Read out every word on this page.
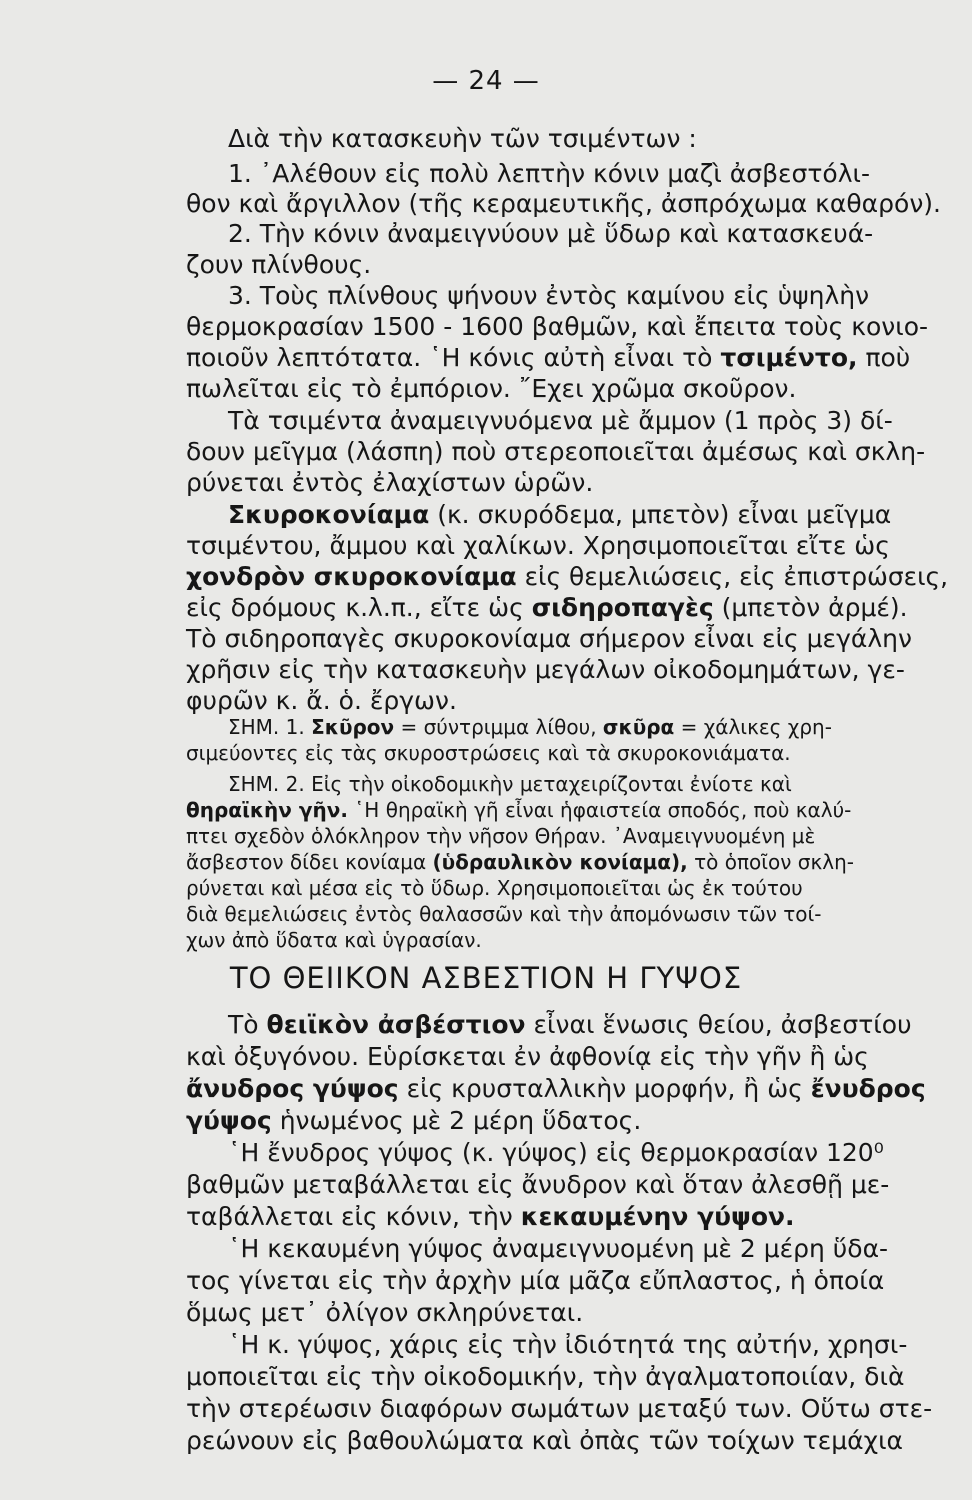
— 24 —
Διὰ τὴν κατασκευὴν τῶν τσιμέντων :
1. ᾿Αλέθουν εἰς πολὺ λεπτὴν κόνιν μαζὶ ἀσβεστόλι-
θον καὶ ἄργιλλον (τῆς κεραμευτικῆς, ἀσπρόχωμα καθαρόν).
2. Τὴν κόνιν ἀναμειγνύουν μὲ ὕδωρ καὶ κατασκευά-
ζουν πλίνθους.
3. Τοὺς πλίνθους ψήνουν ἐντὸς καμίνου εἰς ὑψηλὴν
θερμοκρασίαν 1500 - 1600 βαθμῶν, καὶ ἔπειτα τοὺς κονιο-
ποιοῦν λεπτότατα. ῾Η κόνις αὐτὴ εἶναι τὸ τσιμέντο, ποὺ
πωλεῖται εἰς τὸ ἐμπόριον. ῎Εχει χρῶμα σκοῦρον.
Τὰ τσιμέντα ἀναμειγνυόμενα μὲ ἄμμον (1 πρὸς 3) δί-
δουν μεῖγμα (λάσπη) ποὺ στερεοποιεῖται ἀμέσως καὶ σκλη-
ρύνεται ἐντὸς ἐλαχίστων ὡρῶν.
Σκυροκονίαμα (κ. σκυρόδεμα, μπετὸν) εἶναι μεῖγμα
τσιμέντου, ἄμμου καὶ χαλίκων. Χρησιμοποιεῖται εἴτε ὡς
χονδρὸν σκυροκονίαμα εἰς θεμελιώσεις, εἰς ἐπιστρώσεις,
εἰς δρόμους κ.λ.π., εἴτε ὡς σιδηροπαγὲς (μπετὸν ἀρμέ).
Τὸ σιδηροπαγὲς σκυροκονίαμα σήμερον εἶναι εἰς μεγάλην
χρῆσιν εἰς τὴν κατασκευὴν μεγάλων οἰκοδομημάτων, γε-
φυρῶν κ. ἄ. ὁ. ἔργων.
ΣΗΜ. 1. Σκῦρον = σύντριμμα λίθου, σκῦρα = χάλικες χρη-
σιμεύοντες εἰς τὰς σκυροστρώσεις καὶ τὰ σκυροκονιάματα.
ΣΗΜ. 2. Εἰς τὴν οἰκοδομικὴν μεταχειρίζονται ἐνίοτε καὶ
θηραϊκὴν γῆν. ῾Η θηραϊκὴ γῆ εἶναι ἡφαιστεία σποδός, ποὺ καλύ-
πτει σχεδὸν ὁλόκληρον τὴν νῆσον Θήραν. ᾿Αναμειγνυομένη μὲ
ἄσβεστον δίδει κονίαμα (ὑδραυλικὸν κονίαμα), τὸ ὁποῖον σκλη-
ρύνεται καὶ μέσα εἰς τὸ ὕδωρ. Χρησιμοποιεῖται ὡς ἐκ τούτου
διὰ θεμελιώσεις ἐντὸς θαλασσῶν καὶ τὴν ἀπομόνωσιν τῶν τοί-
χων ἀπὸ ὕδατα καὶ ὑγρασίαν.
ΤΟ ΘΕΙΙΚΟΝ ΑΣΒΕΣΤΙΟΝ Η ΓΥΨΟΣ
Τὸ θειϊκὸν ἀσβέστιον εἶναι ἕνωσις θείου, ἀσβεστίου
καὶ ὀξυγόνου. Εὑρίσκεται ἐν ἀφθονίᾳ εἰς τὴν γῆν ἢ ὡς
ἄνυδρος γύψος εἰς κρυσταλλικὴν μορφήν, ἢ ὡς ἔνυδρος
γύψος ἡνωμένος μὲ 2 μέρη ὕδατος.
῾Η ἔνυδρος γύψος (κ. γύψος) εἰς θερμοκρασίαν 120⁰
βαθμῶν μεταβάλλεται εἰς ἄνυδρον καὶ ὅταν ἀλεσθῇ με-
ταβάλλεται εἰς κόνιν, τὴν κεκαυμένην γύψον.
῾Η κεκαυμένη γύψος ἀναμειγνυομένη μὲ 2 μέρη ὕδα-
τος γίνεται εἰς τὴν ἀρχὴν μία μᾶζα εὔπλαστος, ἡ ὁποία
ὅμως μετ᾿ ὀλίγον σκληρύνεται.
῾Η κ. γύψος, χάρις εἰς τὴν ἰδιότητά της αὐτήν, χρησι-
μοποιεῖται εἰς τὴν οἰκοδομικήν, τὴν ἀγαλματοποιίαν, διὰ
τὴν στερέωσιν διαφόρων σωμάτων μεταξύ των. Οὕτω στε-
ρεώνουν εἰς βαθουλώματα καὶ ὀπὰς τῶν τοίχων τεμάχια
